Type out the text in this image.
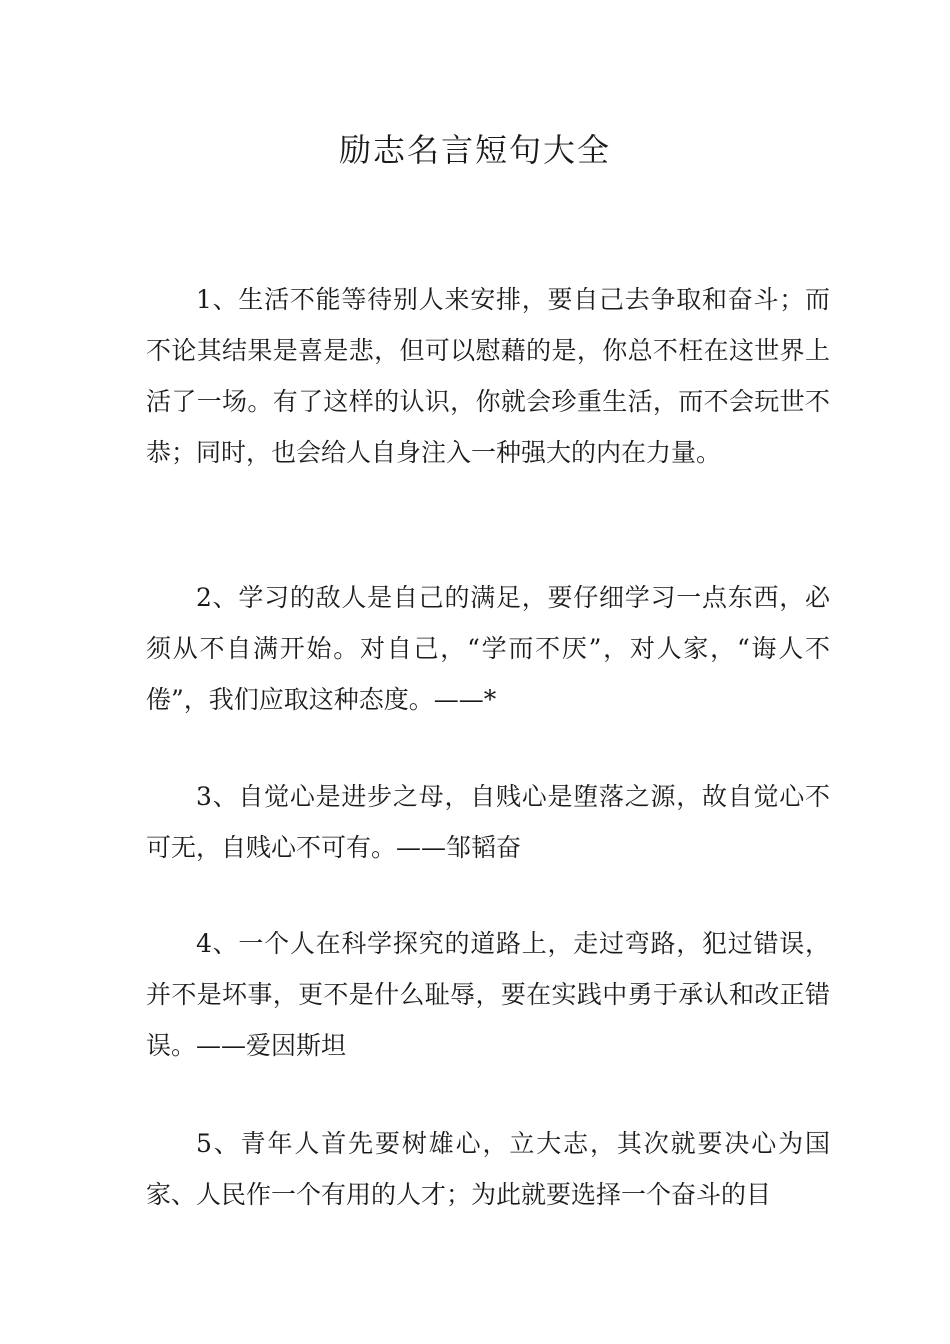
励志名言短句大全

1、生活不能等待别人来安排，要自己去争取和奋斗；而不论其结果是喜是悲，但可以慰藉的是，你总不枉在这世界上活了一场。有了这样的认识，你就会珍重生活，而不会玩世不恭；同时，也会给人自身注入一种强大的内在力量。

2、学习的敌人是自己的满足，要仔细学习一点东西，必须从不自满开始。对自己，“学而不厌”，对人家，“诲人不倦”，我们应取这种态度。——*

3、自觉心是进步之母，自贱心是堕落之源，故自觉心不可无，自贱心不可有。——邹韬奋

4、一个人在科学探究的道路上，走过弯路，犯过错误，并不是坏事，更不是什么耻辱，要在实践中勇于承认和改正错误。——爱因斯坦

5、青年人首先要树雄心，立大志，其次就要决心为国家、人民作一个有用的人才；为此就要选择一个奋斗的目
